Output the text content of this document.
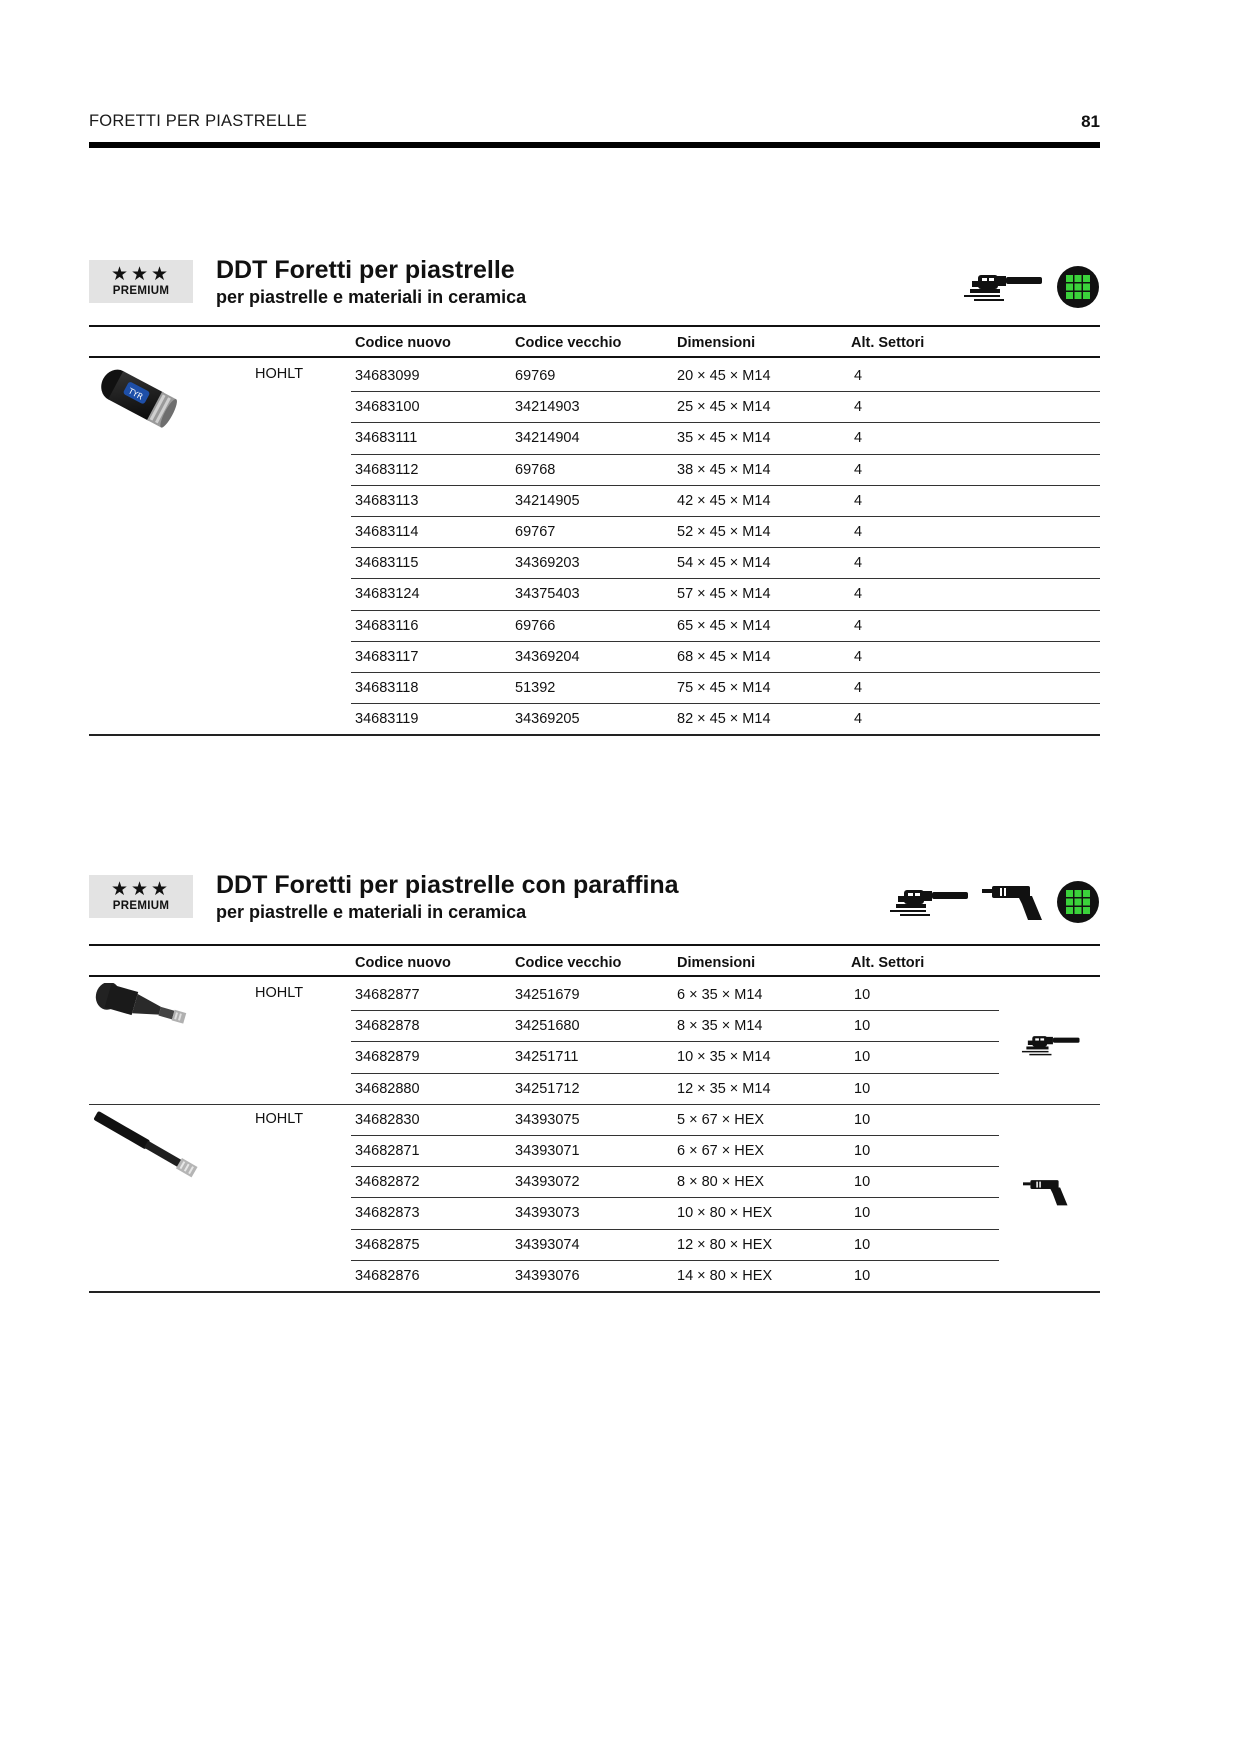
FORETTI PER PIASTRELLE	81
★★★
PREMIUM
DDT Foretti per piastrelle
per piastrelle e materiali in ceramica
Codice nuovo	Codice vecchio	Dimensioni	Alt. Settori
TYR
HOHLT	34683099	69769	20 × 45 × M14	4
34683100	34214903	25 × 45 × M14	4
34683111	34214904	35 × 45 × M14	4
34683112	69768	38 × 45 × M14	4
34683113	34214905	42 × 45 × M14	4
34683114	69767	52 × 45 × M14	4
34683115	34369203	54 × 45 × M14	4
34683124	34375403	57 × 45 × M14	4
34683116	69766	65 × 45 × M14	4
34683117	34369204	68 × 45 × M14	4
34683118	51392	75 × 45 × M14	4
34683119	34369205	82 × 45 × M14	4
★★★
PREMIUM
DDT Foretti per piastrelle con paraffina
per piastrelle e materiali in ceramica
Codice nuovo	Codice vecchio	Dimensioni	Alt. Settori
HOHLT
HOHLT
34682877	34251679	6 × 35 × M14	10
34682878	34251680	8 × 35 × M14	10
34682879	34251711	10 × 35 × M14	10
34682880	34251712	12 × 35 × M14	10
34682830	34393075	5 × 67 × HEX	10
34682871	34393071	6 × 67 × HEX	10
34682872	34393072	8 × 80 × HEX	10
34682873	34393073	10 × 80 × HEX	10
34682875	34393074	12 × 80 × HEX	10
34682876	34393076	14 × 80 × HEX	10
